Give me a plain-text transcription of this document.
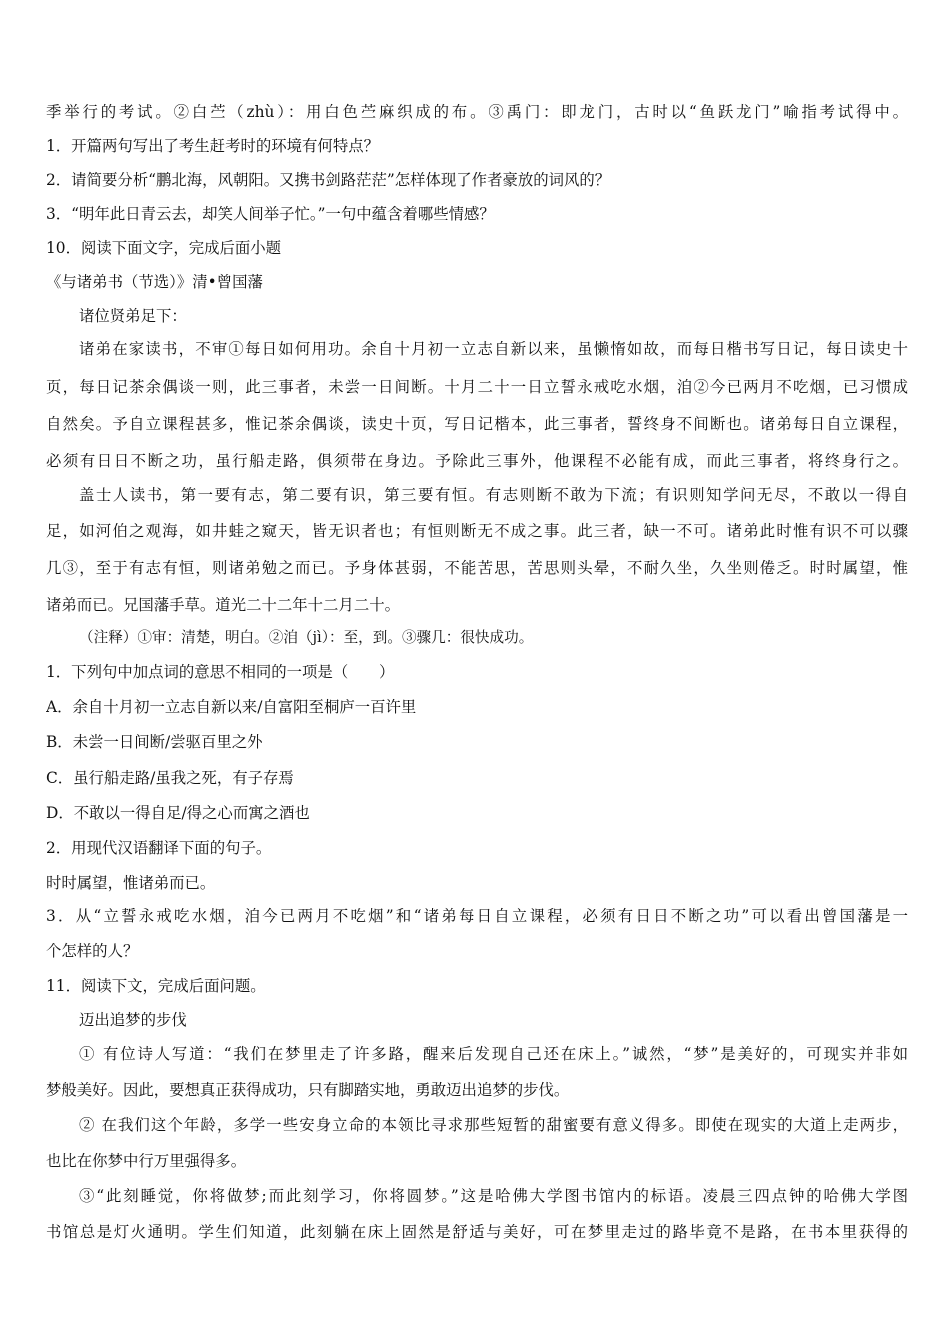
季举行的考试。②白苎（zhù）：用白色苎麻织成的布。③禹门：即龙门，古时以“鱼跃龙门”喻指考试得中。
1．开篇两句写出了考生赶考时的环境有何特点？
2．请简要分析“鹏北海，风朝阳。又携书剑路茫茫”怎样体现了作者豪放的词风的？
3．“明年此日青云去，却笑人间举子忙。”一句中蕴含着哪些情感？
10．阅读下面文字，完成后面小题
《与诸弟书（节选）》清•曾国藩
诸位贤弟足下：
诸弟在家读书，不审①每日如何用功。余自十月初一立志自新以来，虽懒惰如故，而每日楷书写日记，每日读史十
页，每日记茶余偶谈一则，此三事者，未尝一日间断。十月二十一日立誓永戒吃水烟，洎②今已两月不吃烟，已习惯成
自然矣。予自立课程甚多，惟记茶余偶谈，读史十页，写日记楷本，此三事者，誓终身不间断也。诸弟每日自立课程，
必须有日日不断之功，虽行船走路，俱须带在身边。予除此三事外，他课程不必能有成，而此三事者，将终身行之。
盖士人读书，第一要有志，第二要有识，第三要有恒。有志则断不敢为下流；有识则知学问无尽，不敢以一得自
足，如河伯之观海，如井蛙之窥天，皆无识者也；有恒则断无不成之事。此三者，缺一不可。诸弟此时惟有识不可以骤
几③，至于有志有恒，则诸弟勉之而已。予身体甚弱，不能苦思，苦思则头晕，不耐久坐，久坐则倦乏。时时属望，惟
诸弟而已。兄国藩手草。道光二十二年十二月二十。
（注释）①审：清楚，明白。②洎（jì）：至，到。③骤几：很快成功。
1．下列句中加点词的意思不相同的一项是（　　）
A．余自十月初一立志自新以来/自富阳至桐庐一百许里
B．未尝一日间断/尝驱百里之外
C．虽行船走路/虽我之死，有子存焉
D．不敢以一得自足/得之心而寓之酒也
2．用现代汉语翻译下面的句子。
时时属望，惟诸弟而已。
3．从“立誓永戒吃水烟，洎今已两月不吃烟”和“诸弟每日自立课程，必须有日日不断之功”可以看出曾国藩是一
个怎样的人？
11．阅读下文，完成后面问题。
迈出追梦的步伐
① 有位诗人写道：“我们在梦里走了许多路，醒来后发现自己还在床上。”诚然，“梦”是美好的，可现实并非如
梦般美好。因此，要想真正获得成功，只有脚踏实地，勇敢迈出追梦的步伐。
② 在我们这个年龄，多学一些安身立命的本领比寻求那些短暂的甜蜜要有意义得多。即使在现实的大道上走两步，
也比在你梦中行万里强得多。
③“此刻睡觉，你将做梦;而此刻学习，你将圆梦。”这是哈佛大学图书馆内的标语。凌晨三四点钟的哈佛大学图
书馆总是灯火通明。学生们知道，此刻躺在床上固然是舒适与美好，可在梦里走过的路毕竟不是路，在书本里获得的
